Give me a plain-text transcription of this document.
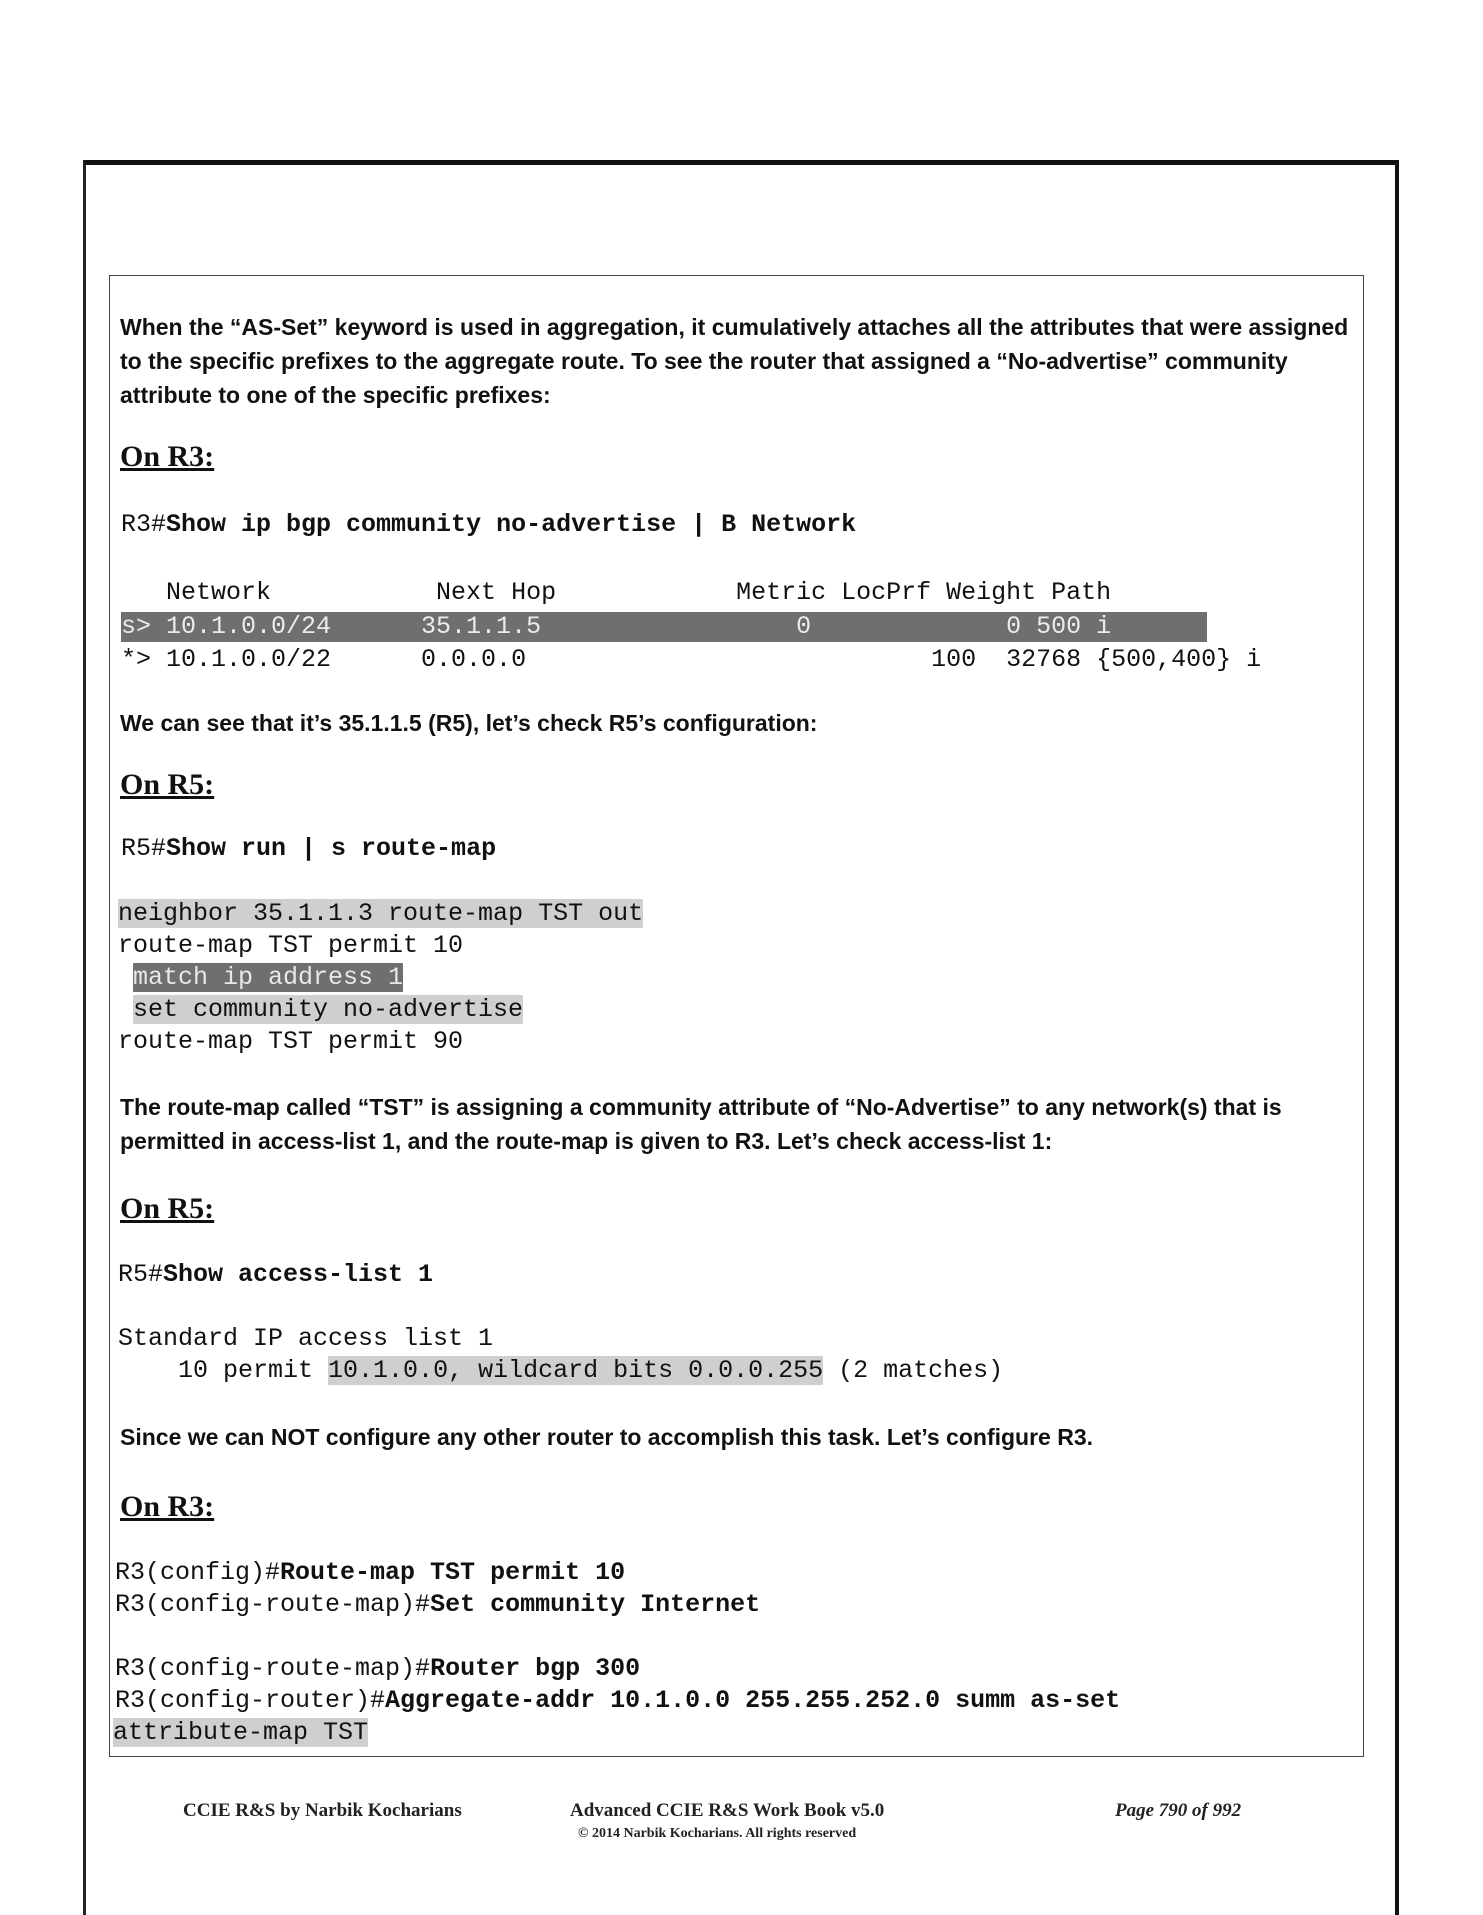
When the “AS-Set” keyword is used in aggregation, it cumulatively attaches all the attributes that were assigned to the specific prefixes to the aggregate route. To see the router that assigned a “No-advertise” community attribute to one of the specific prefixes:

On R3:
R3#Show ip bgp community no-advertise | B Network
Network           Next Hop            Metric LocPrf Weight Path
s> 10.1.0.0/24      35.1.1.5                 0             0 500 i
*> 10.1.0.0/22      0.0.0.0                           100  32768 {500,400} i

We can see that it’s 35.1.1.5 (R5), let’s check R5’s configuration:

On R5:
R5#Show run | s route-map
neighbor 35.1.1.3 route-map TST out
route-map TST permit 10
match ip address 1
set community no-advertise
route-map TST permit 90

The route-map called “TST” is assigning a community attribute of “No-Advertise” to any network(s) that is permitted in access-list 1, and the route-map is given to R3. Let’s check access-list 1:

On R5:
R5#Show access-list 1
Standard IP access list 1
10 permit 10.1.0.0, wildcard bits 0.0.0.255 (2 matches)

Since we can NOT configure any other router to accomplish this task. Let’s configure R3.

On R3:
R3(config)#Route-map TST permit 10
R3(config-route-map)#Set community Internet
R3(config-route-map)#Router bgp 300
R3(config-router)#Aggregate-addr 10.1.0.0 255.255.252.0 summ as-set
attribute-map TST
CCIE R&S by Narbik Kocharians	Advanced CCIE R&S Work Book v5.0
© 2014 Narbik Kocharians. All rights reserved
Page 790 of 992
